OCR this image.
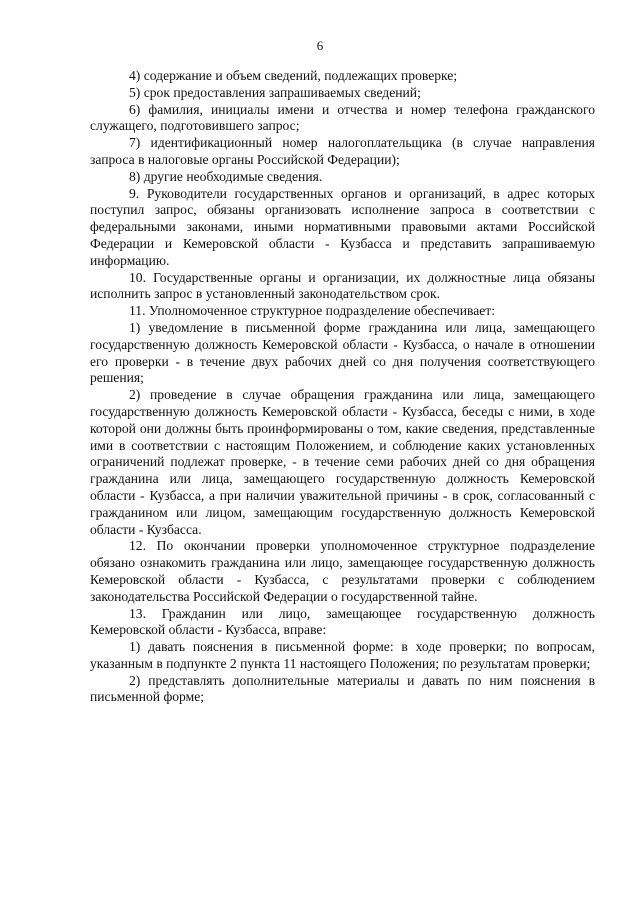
6

4) содержание и объем сведений, подлежащих проверке;

5) срок предоставления запрашиваемых сведений;

6) фамилия, инициалы имени и отчества и номер телефона гражданского служащего, подготовившего запрос;

7) идентификационный номер налогоплательщика (в случае направления запроса в налоговые органы Российской Федерации);

8) другие необходимые сведения.

9. Руководители государственных органов и организаций, в адрес которых поступил запрос, обязаны организовать исполнение запроса в соответствии с федеральными законами, иными нормативными правовыми актами Российской Федерации и Кемеровской области - Кузбасса и представить запрашиваемую информацию.

10. Государственные органы и организации, их должностные лица обязаны исполнить запрос в установленный законодательством срок.

11. Уполномоченное структурное подразделение обеспечивает:

1) уведомление в письменной форме гражданина или лица, замещающего государственную должность Кемеровской области - Кузбасса, о начале в отношении его проверки - в течение двух рабочих дней со дня получения соответствующего решения;

2) проведение в случае обращения гражданина или лица, замещающего государственную должность Кемеровской области - Кузбасса, беседы с ними, в ходе которой они должны быть проинформированы о том, какие сведения, представленные ими в соответствии с настоящим Положением, и соблюдение каких установленных ограничений подлежат проверке, - в течение семи рабочих дней со дня обращения гражданина или лица, замещающего государственную должность Кемеровской области - Кузбасса, а при наличии уважительной причины - в срок, согласованный с гражданином или лицом, замещающим государственную должность Кемеровской области - Кузбасса.

12. По окончании проверки уполномоченное структурное подразделение обязано ознакомить гражданина или лицо, замещающее государственную должность Кемеровской области - Кузбасса, с результатами проверки с соблюдением законодательства Российской Федерации о государственной тайне.

13. Гражданин или лицо, замещающее государственную должность Кемеровской области - Кузбасса, вправе:

1) давать пояснения в письменной форме: в ходе проверки; по вопросам, указанным в подпункте 2 пункта 11 настоящего Положения; по результатам проверки;

2) представлять дополнительные материалы и давать по ним пояснения в письменной форме;
